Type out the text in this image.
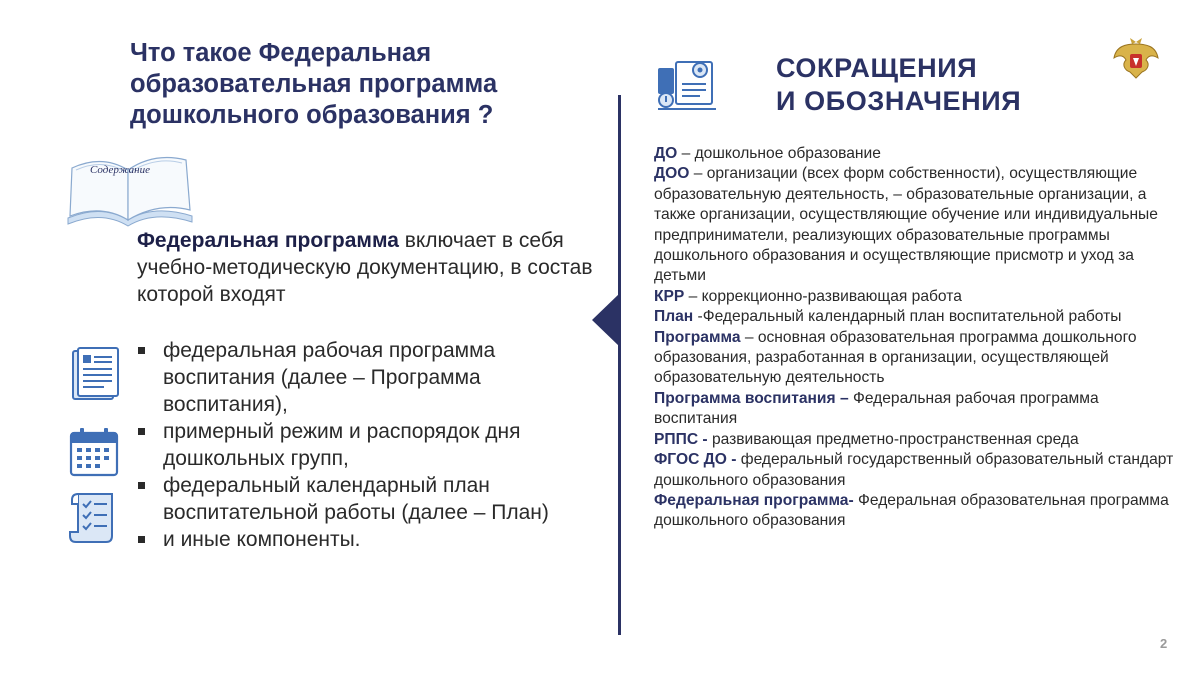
Что такое Федеральная образовательная программа дошкольного образования ?
Содержание
Федеральная программа включает в себя учебно-методическую документацию, в состав которой входят
федеральная рабочая программа воспитания (далее – Программа воспитания),
примерный режим и распорядок дня дошкольных групп,
федеральный календарный план воспитательной работы (далее – План)
и иные компоненты.
СОКРАЩЕНИЯ
И ОБОЗНАЧЕНИЯ
ДО – дошкольное образование
ДОО – организации (всех форм собственности), осуществляющие образовательную деятельность, – образовательные организации, а также организации, осуществляющие обучение или индивидуальные предприниматели, реализующих образовательные программы дошкольного образования и осуществляющие присмотр и уход за детьми
КРР – коррекционно-развивающая работа
План -Федеральный календарный план воспитательной работы
Программа – основная образовательная программа дошкольного образования, разработанная в организации, осуществляющей образовательную деятельность
Программа воспитания – Федеральная рабочая программа воспитания
РППС - развивающая предметно-пространственная среда
ФГОС ДО - федеральный государственный образовательный стандарт дошкольного образования
Федеральная программа- Федеральная образовательная программа дошкольного образования
2
